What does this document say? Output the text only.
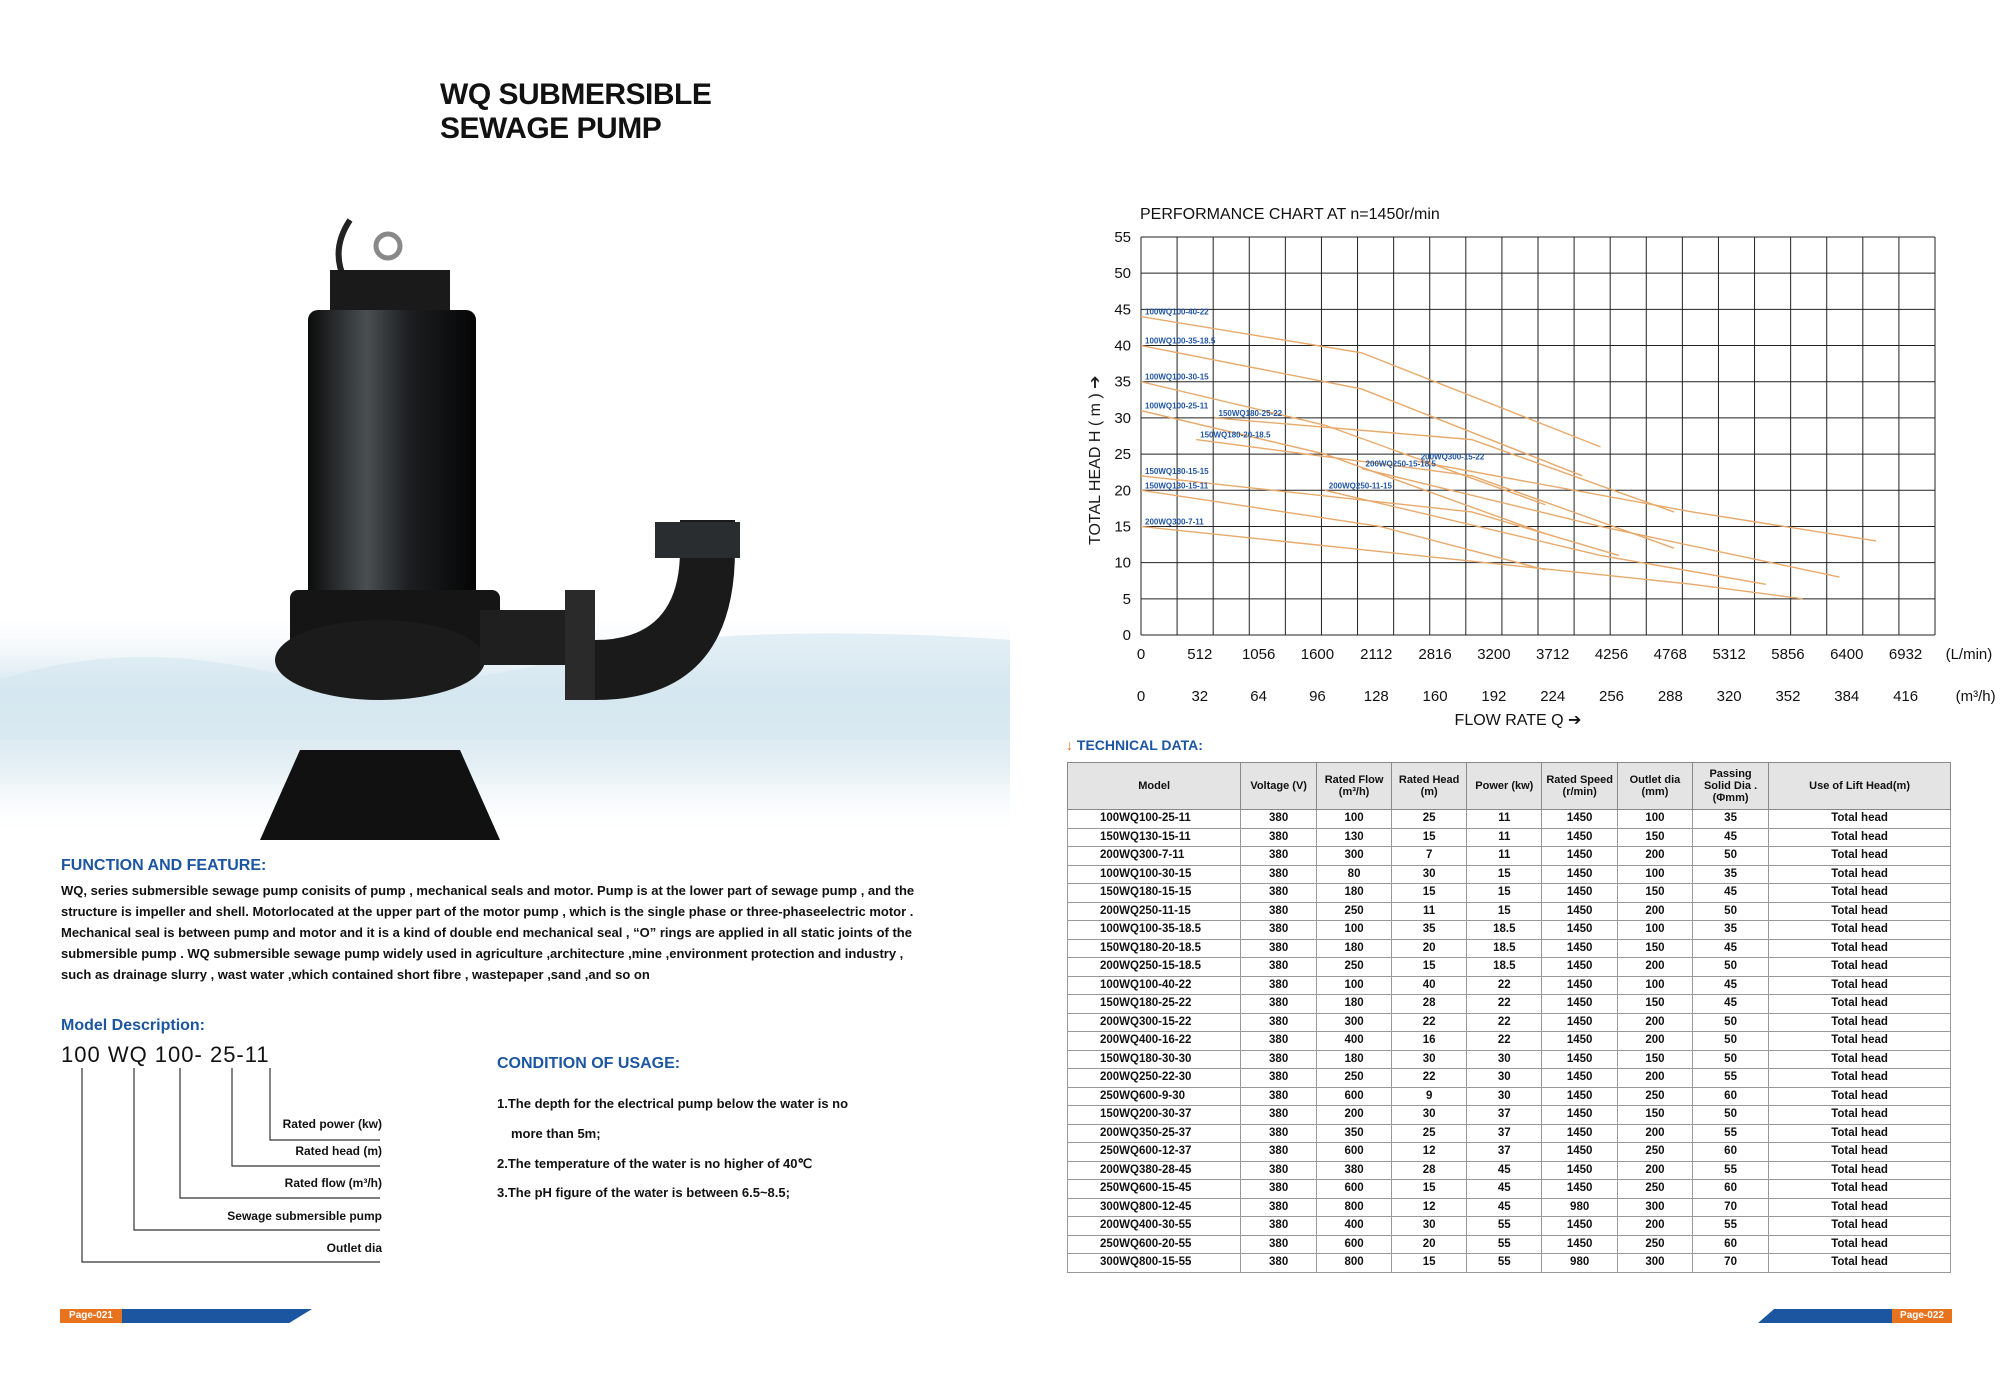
WQ SUBMERSIBLE
SEWAGE PUMP
FUNCTION AND FEATURE:
WQ, series submersible sewage pump conisits of pump , mechanical seals and motor. Pump is at the lower part of sewage pump , and the
structure is impeller and shell. Motorlocated at the upper part of the motor pump , which is the single phase or three-phaseelectric motor .
Mechanical seal is between pump and motor and it is a kind of double end mechanical seal , “O” rings are applied in all static joints of the
submersible pump . WQ submersible sewage pump widely used in agriculture ,architecture ,mine ,environment protection and industry ,
such as drainage slurry , wast water ,which contained short fibre , wastepaper ,sand ,and so on
Model Description:
100 WQ 100- 25-11
Rated power (kw)
Rated head (m)
Rated flow (m³/h)
Sewage submersible pump
Outlet dia
CONDITION OF USAGE:
1.The depth for the electrical pump below the water is no
more than 5m;
2.The temperature of the water is no higher of 40℃
3.The pH figure of the water is between 6.5~8.5;
Page-021	Page-022
PERFORMANCE CHART AT n=1450r/min
TOTAL HEAD H ( m ) ➔
55
50
45
40
35
30
25
20
15
10
5
0
0	512 1056 1600 2112 2816 3200 3712 4256 4768 5312 5856 6400 6932 (L/min)
0	32	64	96	128 160 192 224 256 288 320 352 384 416 (m³/h)
FLOW RATE Q ➔
100WQ100-40-22
100WQ100-35-18.5
100WQ100-30-15
100WQ100-25-11
150WQ180-25-22
150WQ180-20-18.5
150WQ180-15-15
150WQ130-15-11
200WQ300-15-22
200WQ250-15-18.5
200WQ250-11-15
200WQ300-7-11
↓ TECHNICAL DATA:
Model	Voltage (V)	Rated Flow (m³/h)	Rated Head (m)	Power (kw)	Rated Speed (r/min)	Outlet dia (mm)	Passing Solid Dia . (Φmm)	Use of Lift Head(m)
100WQ100-25-11	380	100	25	11	1450	100	35	Total head
150WQ130-15-11	380	130	15	11	1450	150	45	Total head
200WQ300-7-11	380	300	7	11	1450	200	50	Total head
100WQ100-30-15	380	80	30	15	1450	100	35	Total head
150WQ180-15-15	380	180	15	15	1450	150	45	Total head
200WQ250-11-15	380	250	11	15	1450	200	50	Total head
100WQ100-35-18.5	380	100	35	18.5	1450	100	35	Total head
150WQ180-20-18.5	380	180	20	18.5	1450	150	45	Total head
200WQ250-15-18.5	380	250	15	18.5	1450	200	50	Total head
100WQ100-40-22	380	100	40	22	1450	100	45	Total head
150WQ180-25-22	380	180	28	22	1450	150	45	Total head
200WQ300-15-22	380	300	22	22	1450	200	50	Total head
200WQ400-16-22	380	400	16	22	1450	200	50	Total head
150WQ180-30-30	380	180	30	30	1450	150	50	Total head
200WQ250-22-30	380	250	22	30	1450	200	55	Total head
250WQ600-9-30	380	600	9	30	1450	250	60	Total head
150WQ200-30-37	380	200	30	37	1450	150	50	Total head
200WQ350-25-37	380	350	25	37	1450	200	55	Total head
250WQ600-12-37	380	600	12	37	1450	250	60	Total head
200WQ380-28-45	380	380	28	45	1450	200	55	Total head
250WQ600-15-45	380	600	15	45	1450	250	60	Total head
300WQ800-12-45	380	800	12	45	980	300	70	Total head
200WQ400-30-55	380	400	30	55	1450	200	55	Total head
250WQ600-20-55	380	600	20	55	1450	250	60	Total head
300WQ800-15-55	380	800	15	55	980	300	70	Total head
